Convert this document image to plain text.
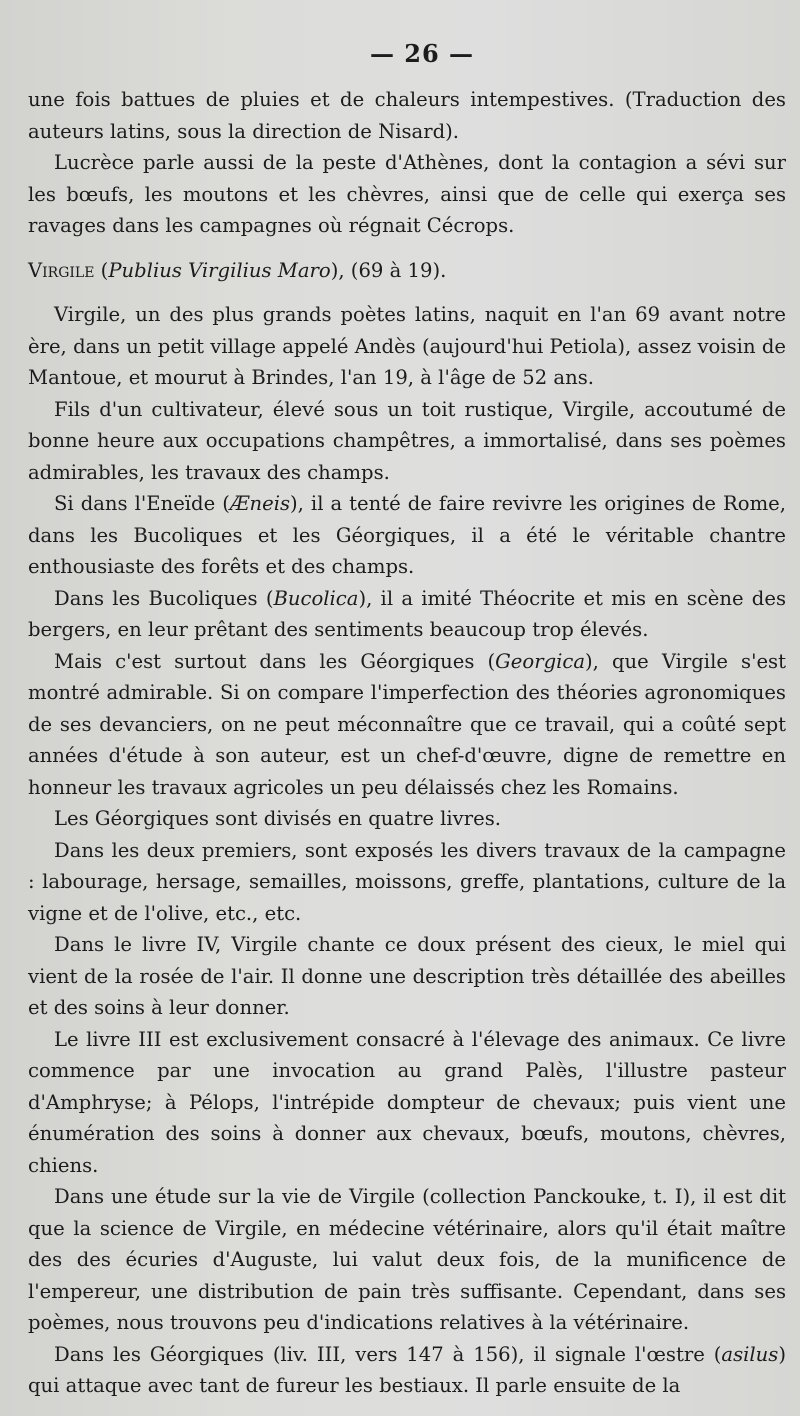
— 26 —

une fois battues de pluies et de chaleurs intempestives. (Traduction des auteurs latins, sous la direction de Nisard).

Lucrèce parle aussi de la peste d'Athènes, dont la contagion a sévi sur les bœufs, les moutons et les chèvres, ainsi que de celle qui exerça ses ravages dans les campagnes où régnait Cécrops.

Virgile (Publius Virgilius Maro), (69 à 19).

Virgile, un des plus grands poètes latins, naquit en l'an 69 avant notre ère, dans un petit village appelé Andès (aujourd'hui Petiola), assez voisin de Mantoue, et mourut à Brindes, l'an 19, à l'âge de 52 ans.

Fils d'un cultivateur, élevé sous un toit rustique, Virgile, accoutumé de bonne heure aux occupations champêtres, a immortalisé, dans ses poèmes admirables, les travaux des champs.

Si dans l'Eneïde (Æneis), il a tenté de faire revivre les origines de Rome, dans les Bucoliques et les Géorgiques, il a été le véritable chantre enthousiaste des forêts et des champs.

Dans les Bucoliques (Bucolica), il a imité Théocrite et mis en scène des bergers, en leur prêtant des sentiments beaucoup trop élevés.

Mais c'est surtout dans les Géorgiques (Georgica), que Virgile s'est montré admirable. Si on compare l'imperfection des théories agronomiques de ses devanciers, on ne peut méconnaître que ce travail, qui a coûté sept années d'étude à son auteur, est un chef-d'œuvre, digne de remettre en honneur les travaux agricoles un peu délaissés chez les Romains.

Les Géorgiques sont divisés en quatre livres.

Dans les deux premiers, sont exposés les divers travaux de la campagne : labourage, hersage, semailles, moissons, greffe, plantations, culture de la vigne et de l'olive, etc., etc.

Dans le livre IV, Virgile chante ce doux présent des cieux, le miel qui vient de la rosée de l'air. Il donne une description très détaillée des abeilles et des soins à leur donner.

Le livre III est exclusivement consacré à l'élevage des animaux. Ce livre commence par une invocation au grand Palès, l'illustre pasteur d'Amphryse; à Pélops, l'intrépide dompteur de chevaux; puis vient une énumération des soins à donner aux chevaux, bœufs, moutons, chèvres, chiens.

Dans une étude sur la vie de Virgile (collection Panckouke, t. I), il est dit que la science de Virgile, en médecine vétérinaire, alors qu'il était maître des des écuries d'Auguste, lui valut deux fois, de la munificence de l'empereur, une distribution de pain très suffisante. Cependant, dans ses poèmes, nous trouvons peu d'indications relatives à la vétérinaire.

Dans les Géorgiques (liv. III, vers 147 à 156), il signale l'œstre (asilus) qui attaque avec tant de fureur les bestiaux. Il parle ensuite de la
